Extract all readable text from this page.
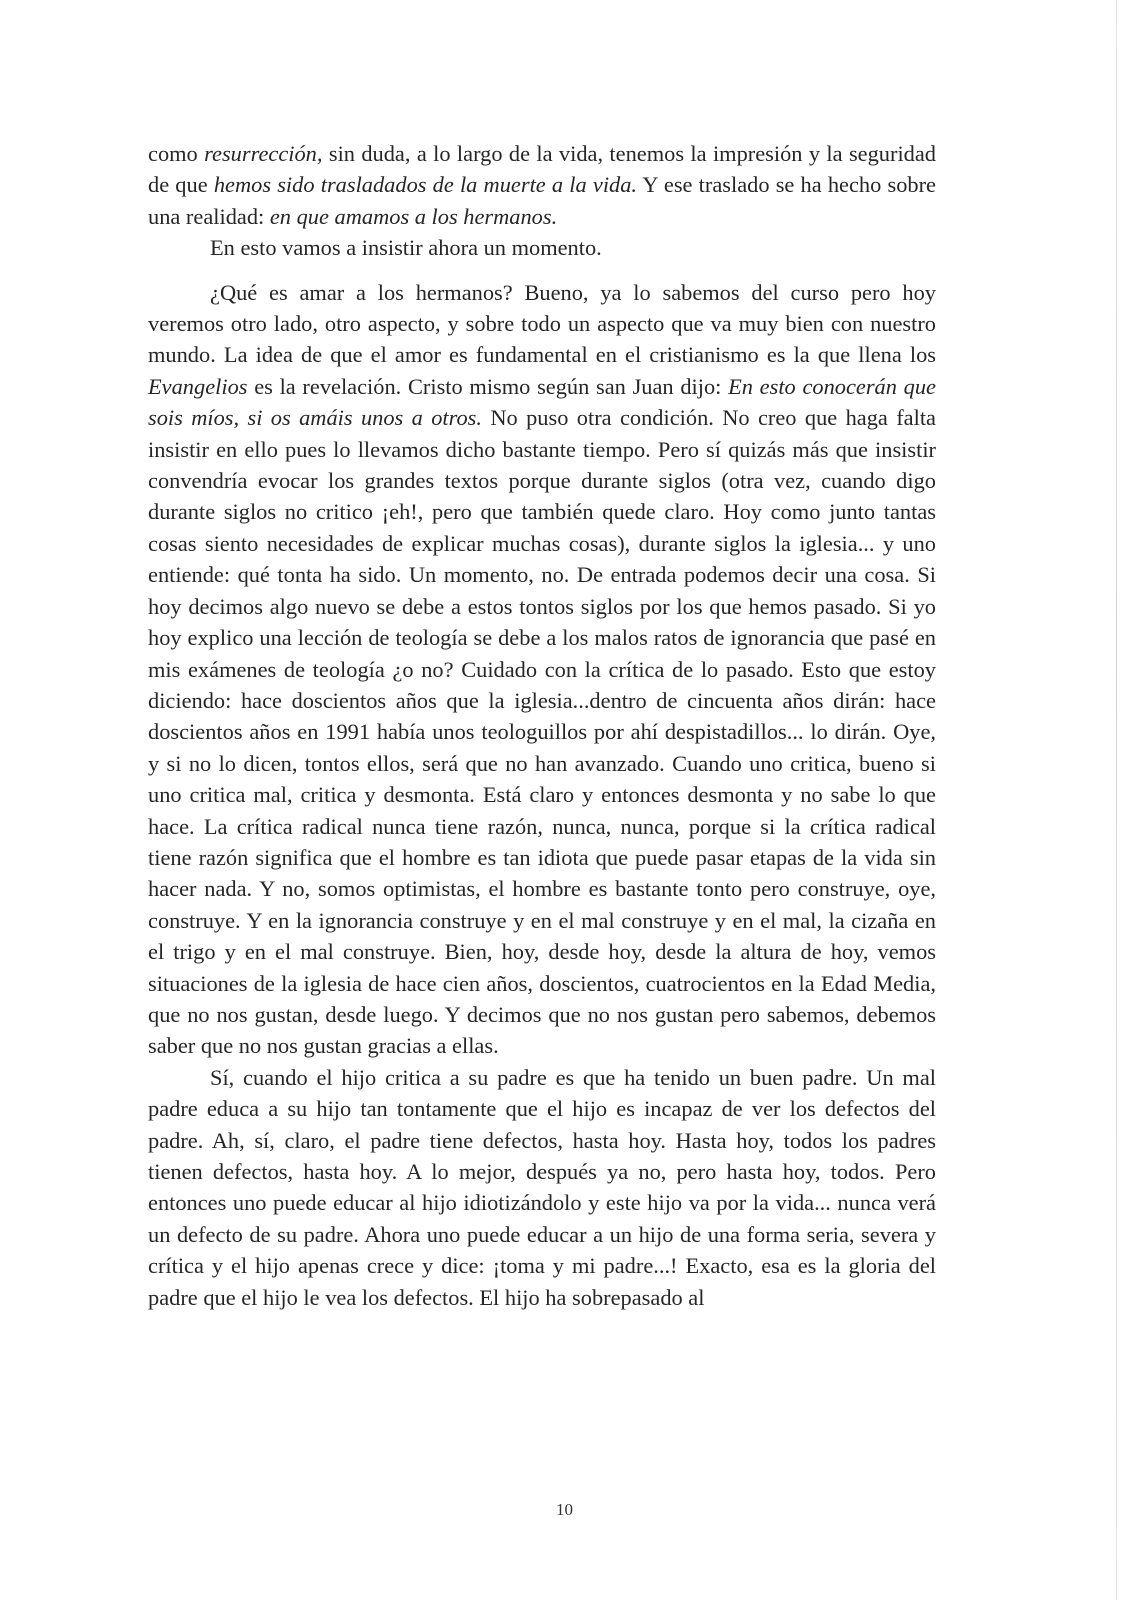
como resurrección, sin duda, a lo largo de la vida, tenemos la impresión y la seguridad de que hemos sido trasladados de la muerte a la vida. Y ese traslado se ha hecho sobre una realidad: en que amamos a los hermanos.

En esto vamos a insistir ahora un momento.

¿Qué es amar a los hermanos? Bueno, ya lo sabemos del curso pero hoy veremos otro lado, otro aspecto, y sobre todo un aspecto que va muy bien con nuestro mundo. La idea de que el amor es fundamental en el cristianismo es la que llena los Evangelios es la revelación. Cristo mismo según san Juan dijo: En esto conocerán que sois míos, si os amáis unos a otros. No puso otra condición. No creo que haga falta insistir en ello pues lo llevamos dicho bastante tiempo. Pero sí quizás más que insistir convendría evocar los grandes textos porque durante siglos (otra vez, cuando digo durante siglos no critico ¡eh!, pero que también quede claro. Hoy como junto tantas cosas siento necesidades de explicar muchas cosas), durante siglos la iglesia... y uno entiende: qué tonta ha sido. Un momento, no. De entrada podemos decir una cosa. Si hoy decimos algo nuevo se debe a estos tontos siglos por los que hemos pasado. Si yo hoy explico una lección de teología se debe a los malos ratos de ignorancia que pasé en mis exámenes de teología ¿o no? Cuidado con la crítica de lo pasado. Esto que estoy diciendo: hace doscientos años que la iglesia...dentro de cincuenta años dirán: hace doscientos años en 1991 había unos teologuillos por ahí despistadillos... lo dirán. Oye, y si no lo dicen, tontos ellos, será que no han avanzado. Cuando uno critica, bueno si uno critica mal, critica y desmonta. Está claro y entonces desmonta y no sabe lo que hace. La crítica radical nunca tiene razón, nunca, nunca, porque si la crítica radical tiene razón significa que el hombre es tan idiota que puede pasar etapas de la vida sin hacer nada. Y no, somos optimistas, el hombre es bastante tonto pero construye, oye, construye. Y en la ignorancia construye y en el mal construye y en el mal, la cizaña en el trigo y en el mal construye. Bien, hoy, desde hoy, desde la altura de hoy, vemos situaciones de la iglesia de hace cien años, doscientos, cuatrocientos en la Edad Media, que no nos gustan, desde luego. Y decimos que no nos gustan pero sabemos, debemos saber que no nos gustan gracias a ellas.

Sí, cuando el hijo critica a su padre es que ha tenido un buen padre. Un mal padre educa a su hijo tan tontamente que el hijo es incapaz de ver los defectos del padre. Ah, sí, claro, el padre tiene defectos, hasta hoy. Hasta hoy, todos los padres tienen defectos, hasta hoy. A lo mejor, después ya no, pero hasta hoy, todos. Pero entonces uno puede educar al hijo idiotizándolo y este hijo va por la vida... nunca verá un defecto de su padre. Ahora uno puede educar a un hijo de una forma seria, severa y crítica y el hijo apenas crece y dice: ¡toma y mi padre...! Exacto, esa es la gloria del padre que el hijo le vea los defectos. El hijo ha sobrepasado al

10
